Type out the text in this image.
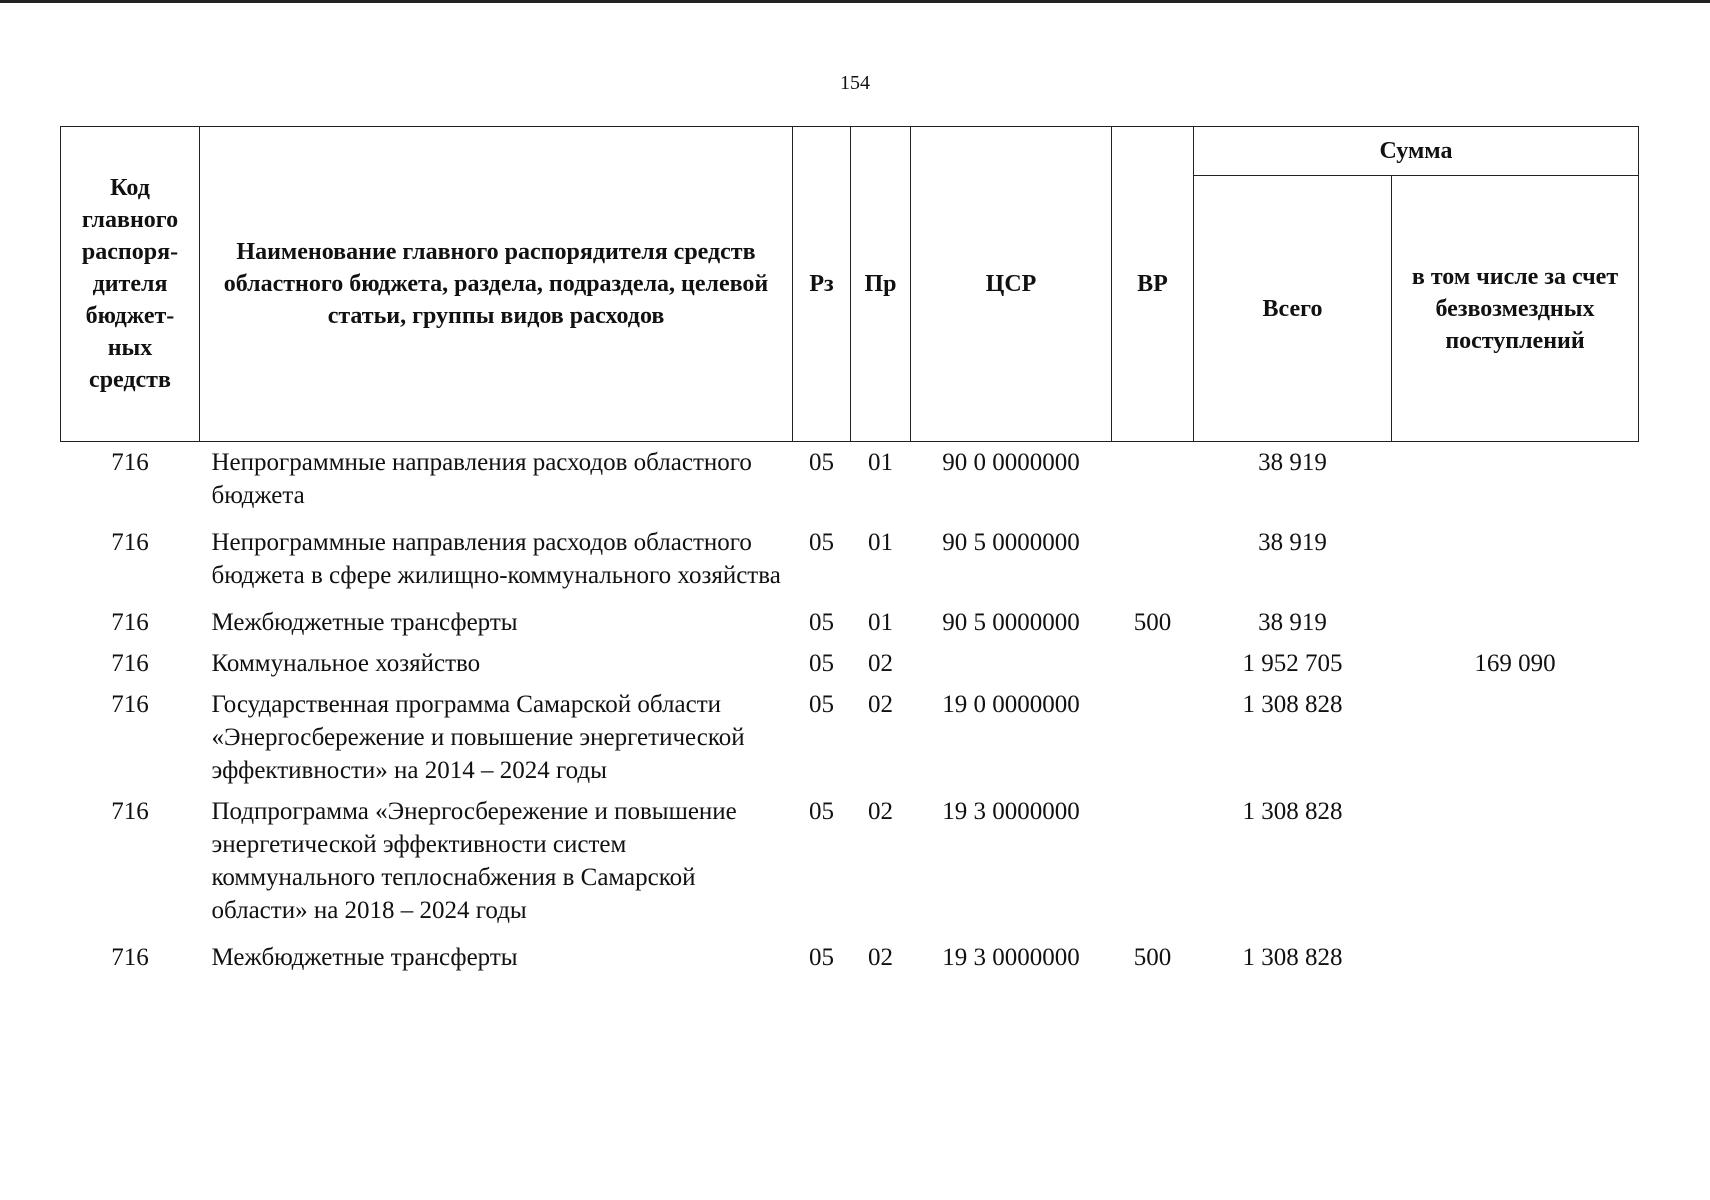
154
Код главного распоря-дителя бюджет-ных средств	Наименование главного распорядителя средств областного бюджета, раздела, подраздела, целевой статьи, группы видов расходов	Рз	Пр	ЦСР	ВР	Сумма	
						Всего	в том числе за счет безвозмездных поступлений
716	Непрограммные направления расходов областного бюджета	05	01	90 0 0000000		38 919	
716	Непрограммные направления расходов областного бюджета в сфере жилищно-коммунального хозяйства	05	01	90 5 0000000		38 919	
716	Межбюджетные трансферты	05	01	90 5 0000000	500	38 919	
716	Коммунальное хозяйство	05	02			1 952 705	169 090
716	Государственная программа Самарской области «Энергосбережение и повышение энергетической эффективности» на 2014 – 2024 годы	05	02	19 0 0000000		1 308 828	
716	Подпрограмма «Энергосбережение и повышение энергетической эффективности систем коммунального теплоснабжения в Самарской области» на 2018 – 2024 годы	05	02	19 3 0000000		1 308 828	
716	Межбюджетные трансферты	05	02	19 3 0000000	500	1 308 828	
